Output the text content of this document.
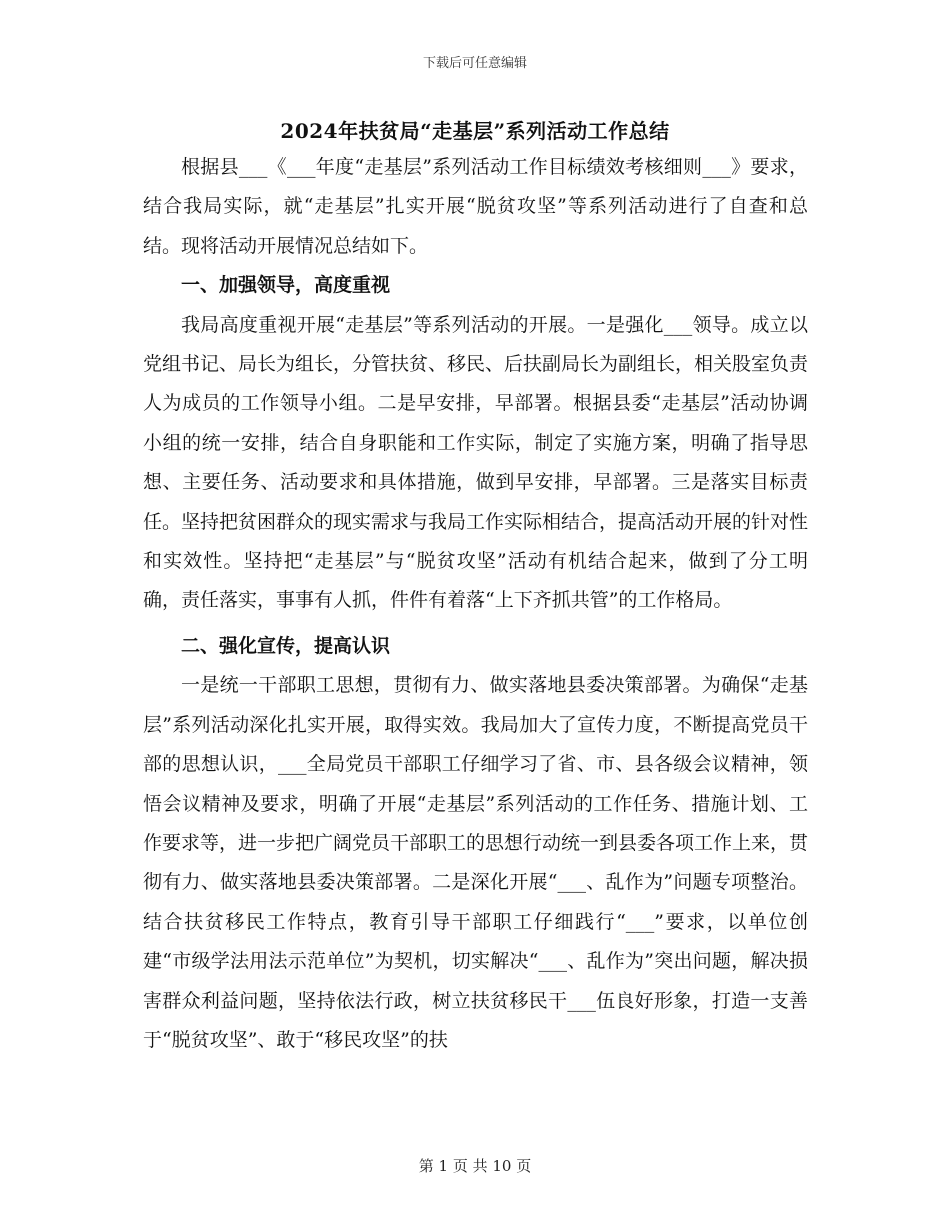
下载后可任意编辑
2024年扶贫局“走基层”系列活动工作总结

根据县___《___年度“走基层”系列活动工作目标绩效考核细则___》要求，结合我局实际，就“走基层”扎实开展“脱贫攻坚”等系列活动进行了自查和总结。现将活动开展情况总结如下。

一、加强领导，高度重视

我局高度重视开展“走基层”等系列活动的开展。一是强化___领导。成立以党组书记、局长为组长，分管扶贫、移民、后扶副局长为副组长，相关股室负责人为成员的工作领导小组。二是早安排，早部署。根据县委“走基层”活动协调小组的统一安排，结合自身职能和工作实际，制定了实施方案，明确了指导思想、主要任务、活动要求和具体措施，做到早安排，早部署。三是落实目标责任。坚持把贫困群众的现实需求与我局工作实际相结合，提高活动开展的针对性和实效性。坚持把“走基层”与“脱贫攻坚”活动有机结合起来，做到了分工明确，责任落实，事事有人抓，件件有着落“上下齐抓共管”的工作格局。

二、强化宣传，提高认识

一是统一干部职工思想，贯彻有力、做实落地县委决策部署。为确保“走基层”系列活动深化扎实开展，取得实效。我局加大了宣传力度，不断提高党员干部的思想认识，___全局党员干部职工仔细学习了省、市、县各级会议精神，领悟会议精神及要求，明确了开展“走基层”系列活动的工作任务、措施计划、工作要求等，进一步把广阔党员干部职工的思想行动统一到县委各项工作上来，贯彻有力、做实落地县委决策部署。二是深化开展“___、乱作为”问题专项整治。结合扶贫移民工作特点，教育引导干部职工仔细践行“___”要求，以单位创建“市级学法用法示范单位”为契机，切实解决“___、乱作为”突出问题，解决损害群众利益问题，坚持依法行政，树立扶贫移民干___伍良好形象，打造一支善于“脱贫攻坚”、敢于“移民攻坚”的扶

第 1 页 共 10 页
